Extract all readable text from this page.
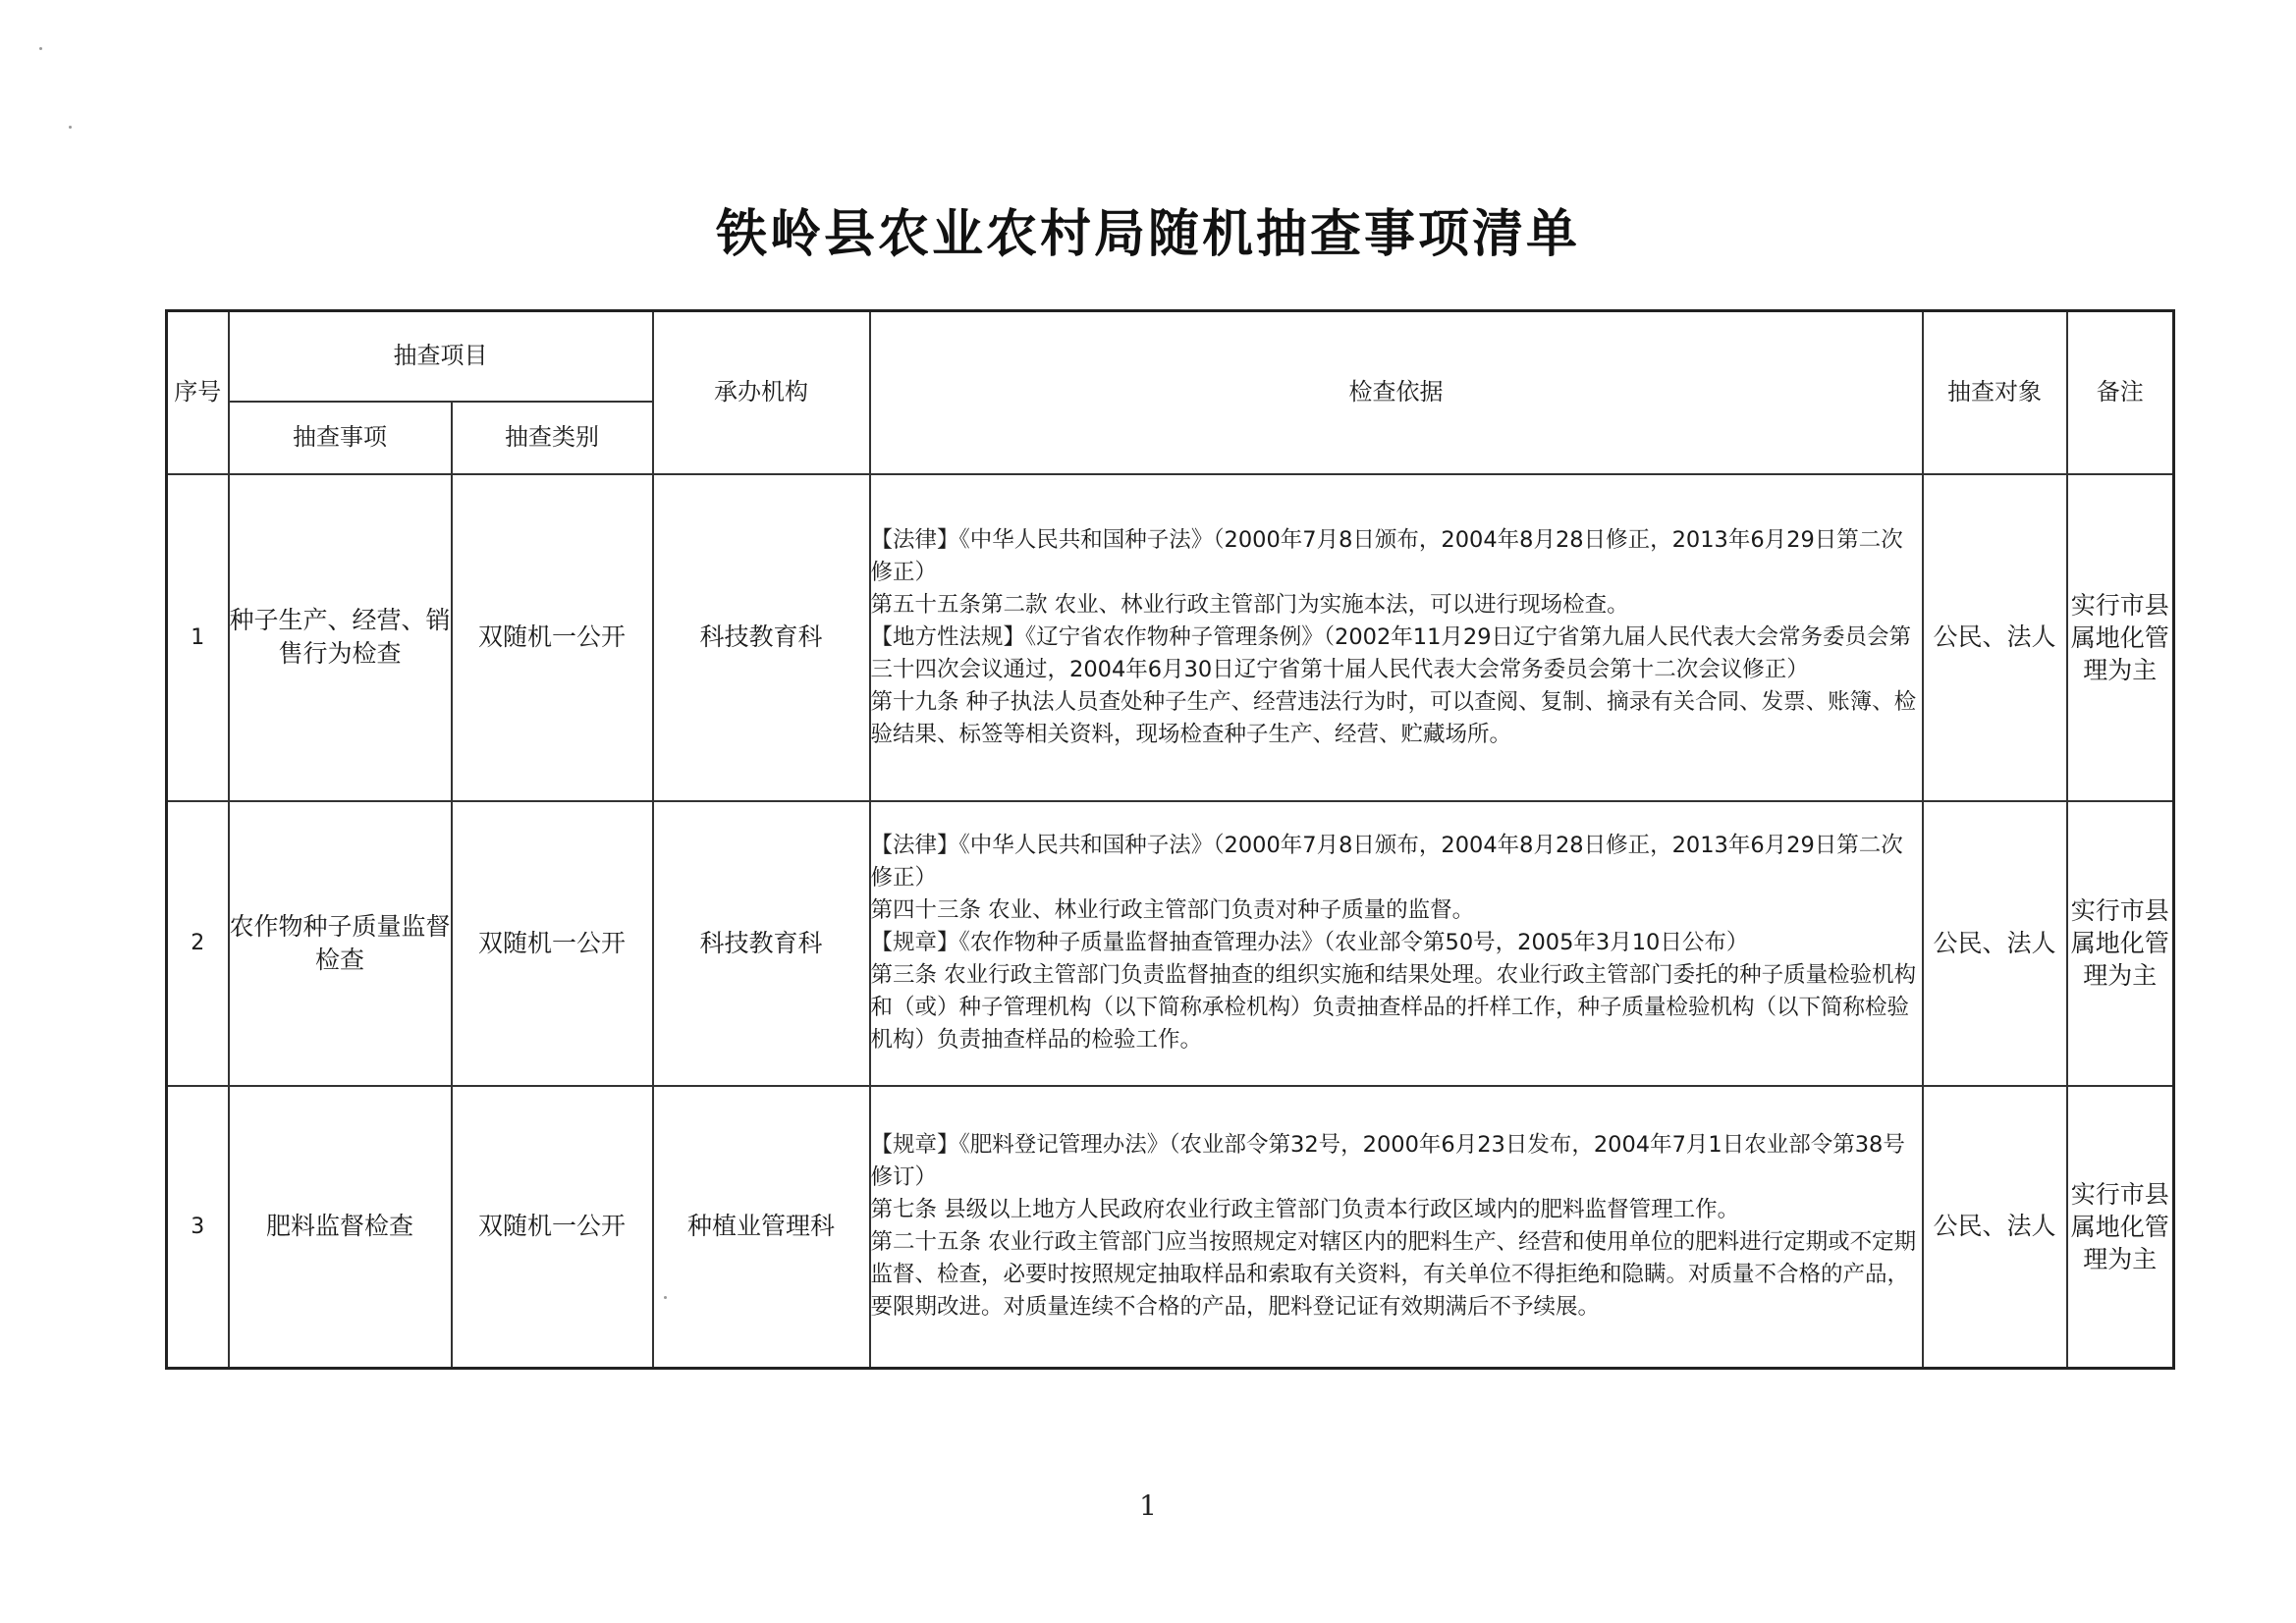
铁岭县农业农村局随机抽查事项清单
序号	抽查项目		承办机构	检查依据	抽查对象	备注
	抽查事项	抽查类别				
1	种子生产、经营、销售行为检查	双随机一公开	科技教育科	【法律】《中华人民共和国种子法》（2000年7月8日颁布，2004年8月28日修正，2013年6月29日第二次修正）

第五十五条第二款 农业、林业行政主管部门为实施本法，可以进行现场检查。

【地方性法规】《辽宁省农作物种子管理条例》（2002年11月29日辽宁省第九届人民代表大会常务委员会第三十四次会议通过，2004年6月30日辽宁省第十届人民代表大会常务委员会第十二次会议修正）

第十九条 种子执法人员查处种子生产、经营违法行为时，可以查阅、复制、摘录有关合同、发票、账簿、检验结果、标签等相关资料，现场检查种子生产、经营、贮藏场所。	公民、法人	实行市县属地化管理为主
2	农作物种子质量监督检查	双随机一公开	科技教育科	【法律】《中华人民共和国种子法》（2000年7月8日颁布，2004年8月28日修正，2013年6月29日第二次修正）

第四十三条 农业、林业行政主管部门负责对种子质量的监督。

【规章】《农作物种子质量监督抽查管理办法》（农业部令第50号，2005年3月10日公布）

第三条 农业行政主管部门负责监督抽查的组织实施和结果处理。农业行政主管部门委托的种子质量检验机构和（或）种子管理机构（以下简称承检机构）负责抽查样品的扦样工作，种子质量检验机构（以下简称检验机构）负责抽查样品的检验工作。	公民、法人	实行市县属地化管理为主
3	肥料监督检查	双随机一公开	种植业管理科	【规章】《肥料登记管理办法》（农业部令第32号，2000年6月23日发布，2004年7月1日农业部令第38号修订）

第七条 县级以上地方人民政府农业行政主管部门负责本行政区域内的肥料监督管理工作。

第二十五条 农业行政主管部门应当按照规定对辖区内的肥料生产、经营和使用单位的肥料进行定期或不定期监督、检查，必要时按照规定抽取样品和索取有关资料，有关单位不得拒绝和隐瞒。对质量不合格的产品，要限期改进。对质量连续不合格的产品，肥料登记证有效期满后不予续展。	公民、法人	实行市县属地化管理为主
1
